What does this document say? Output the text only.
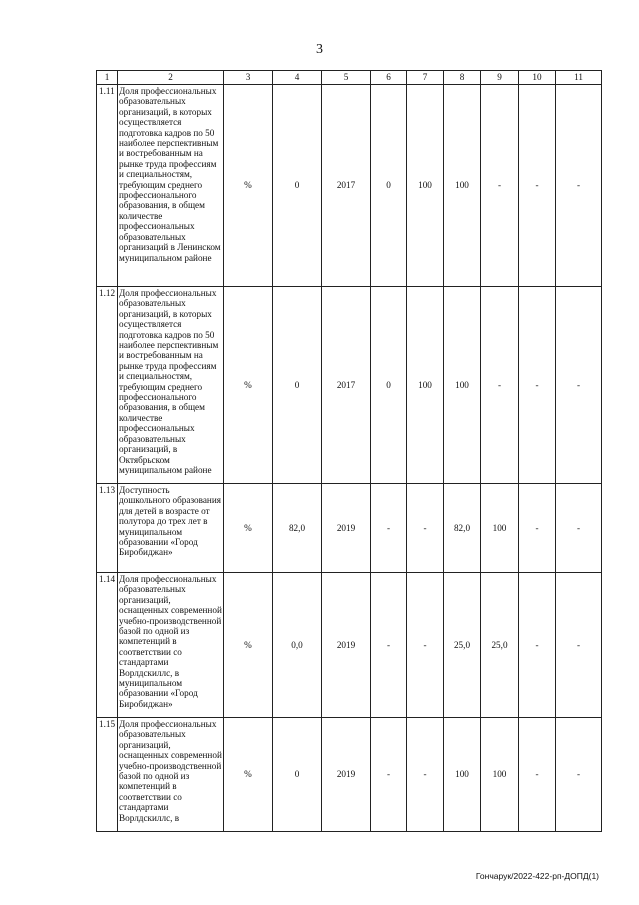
3
1	2	3	4	5	6	7	8	9	10	11
1.11	Доля профессиональных образовательных организаций, в которых осуществляется подготовка кадров по 50 наиболее перспективным и востребованным на рынке труда профессиям и специальностям, требующим среднего профессионального образования, в общем количестве профессиональных образовательных организаций в Ленинском муниципальном районе	%	0	2017	0	100	100	-	-	-
1.12	Доля профессиональных образовательных организаций, в которых осуществляется подготовка кадров по 50 наиболее перспективным и востребованным на рынке труда профессиям и специальностям, требующим среднего профессионального образования, в общем количестве профессиональных образовательных организаций, в Октябрьском муниципальном районе	%	0	2017	0	100	100	-	-	-
1.13	Доступность дошкольного образования для детей в возрасте от полутора до трех лет в муниципальном образовании «Город Биробиджан»	%	82,0	2019	-	-	82,0	100	-	-
1.14	Доля профессиональных образовательных организаций, оснащенных современной учебно-производственной базой по одной из компетенций в соответствии со стандартами Ворлдскиллс, в муниципальном образовании «Город Биробиджан»	%	0,0	2019	-	-	25,0	25,0	-	-
1.15	Доля профессиональных образовательных организаций, оснащенных современной учебно-производственной базой по одной из компетенций в соответствии со стандартами Ворлдскиллс, в	%	0	2019	-	-	100	100	-	-
Гончарук/2022-422-рп-ДОПД(1)
